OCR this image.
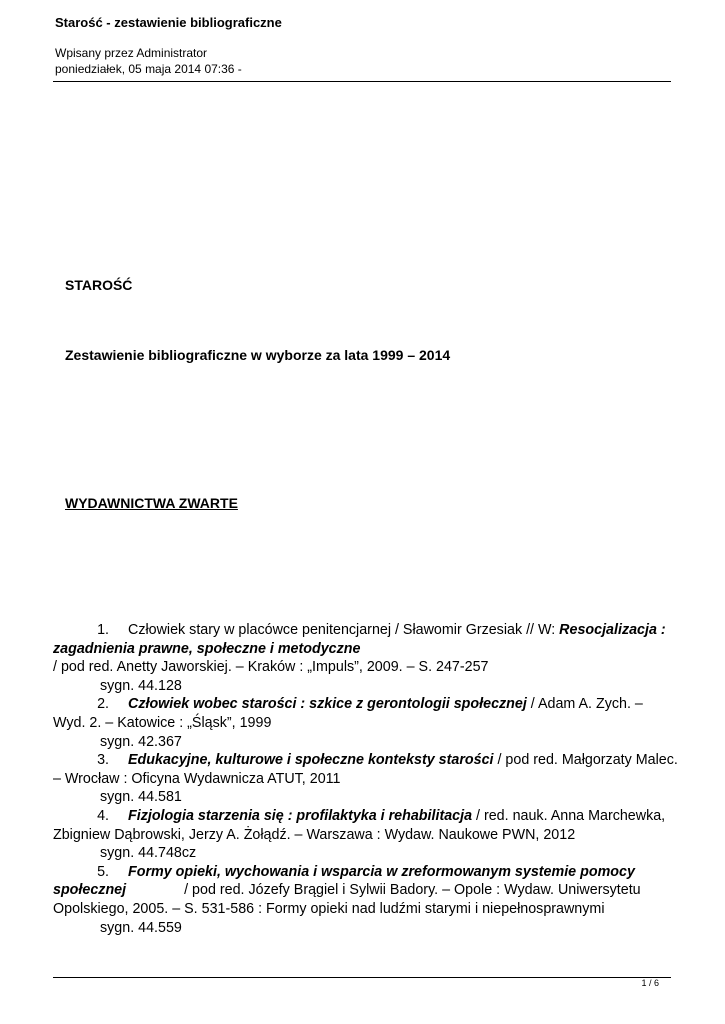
Starość - zestawienie bibliograficzne
Wpisany przez Administrator
poniedziałek, 05 maja 2014 07:36 -
STAROŚĆ
Zestawienie bibliograficzne w wyborze za lata 1999 – 2014
WYDAWNICTWA ZWARTE

1. Człowiek stary w placówce penitencjarnej / Sławomir Grzesiak // W: Resocjalizacja :

zagadnienia prawne, społeczne i metodyczne

/ pod red. Anetty Jaworskiej. – Kraków : „Impuls”, 2009. – S. 247-257

sygn. 44.128

2. Człowiek wobec starości : szkice z gerontologii społecznej / Adam A. Zych. –

Wyd. 2. – Katowice : „Śląsk”, 1999

sygn. 42.367

3. Edukacyjne, kulturowe i społeczne konteksty starości / pod red. Małgorzaty Malec.

– Wrocław : Oficyna Wydawnicza ATUT, 2011

sygn. 44.581

4. Fizjologia starzenia się : profilaktyka i rehabilitacja / red. nauk. Anna Marchewka,

Zbigniew Dąbrowski, Jerzy A. Żołądź. – Warszawa : Wydaw. Naukowe PWN, 2012

sygn. 44.748cz

5. Formy opieki, wychowania i wsparcia w zreformowanym systemie pomocy

społecznej	/ pod red. Józefy Brągiel i Sylwii Badory. – Opole : Wydaw. Uniwersytetu

Opolskiego, 2005. – S. 531-586 : Formy opieki nad ludźmi starymi i niepełnosprawnymi

sygn. 44.559

1 / 6
